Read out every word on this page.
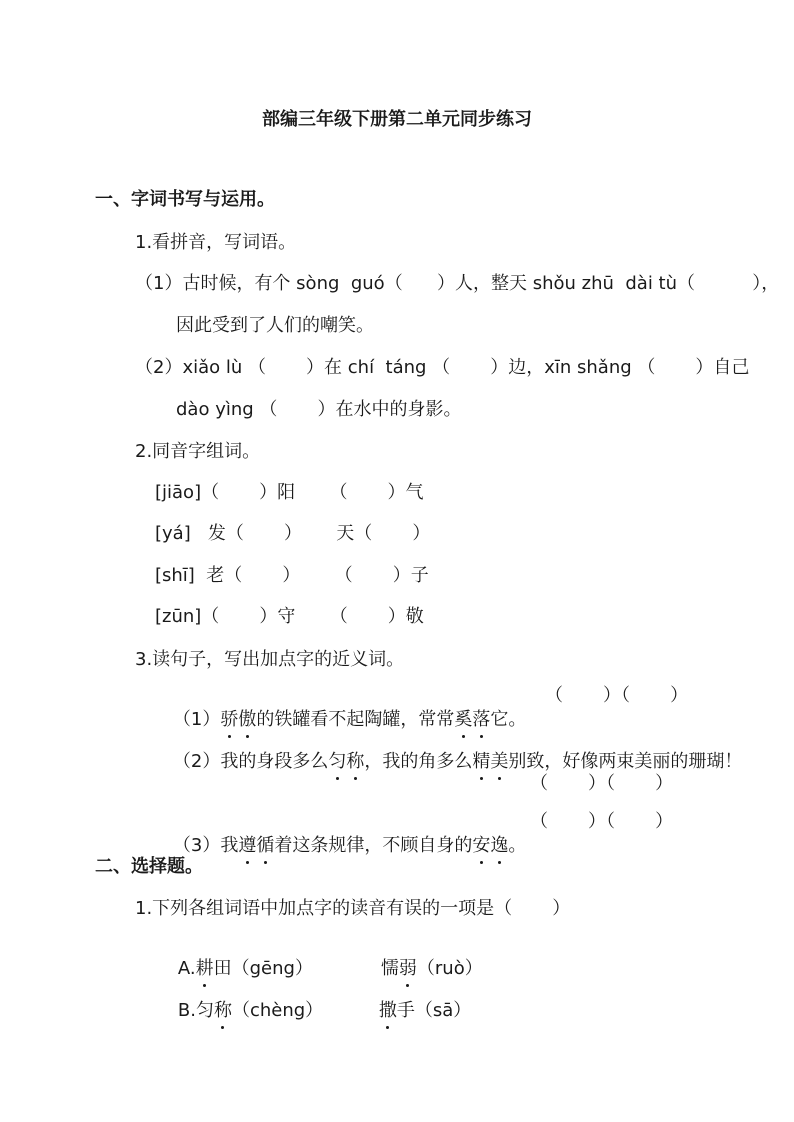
部编三年级下册第二单元同步练习
一、字词书写与运用。
1.看拼音，写词语。
（1）古时候，有个 sòng  guó（      ）人，整天 shǒu zhū  dài tù（          ），
因此受到了人们的嘲笑。
（2）xiǎo lù （       ）在 chí  táng （       ）边，xīn shǎng （       ）自己
dào yìng （       ）在水中的身影。
2.同音字组词。
[jiāo]（       ）阳      （       ）气
[yá]   发（       ）      天（       ）
[shī]  老（       ）      （       ）子
[zūn]（       ）守      （       ）敬
3.读句子，写出加点字的近义词。

（1）骄傲的铁罐看不起陶罐，常常奚落它。

（       ）（       ）

（2）我的身段多么匀称，我的角多么精美别致，好像两束美丽的珊瑚！

（       ）（       ）

（3）我遵循着这条规律，不顾自身的安逸。

（       ）（       ）
二、选择题。
1.下列各组词语中加点字的读音有误的一项是（       ）

A.耕田（gēng）
	懦弱（ruò）

B.匀称（chèng）
	撒手（sā）
